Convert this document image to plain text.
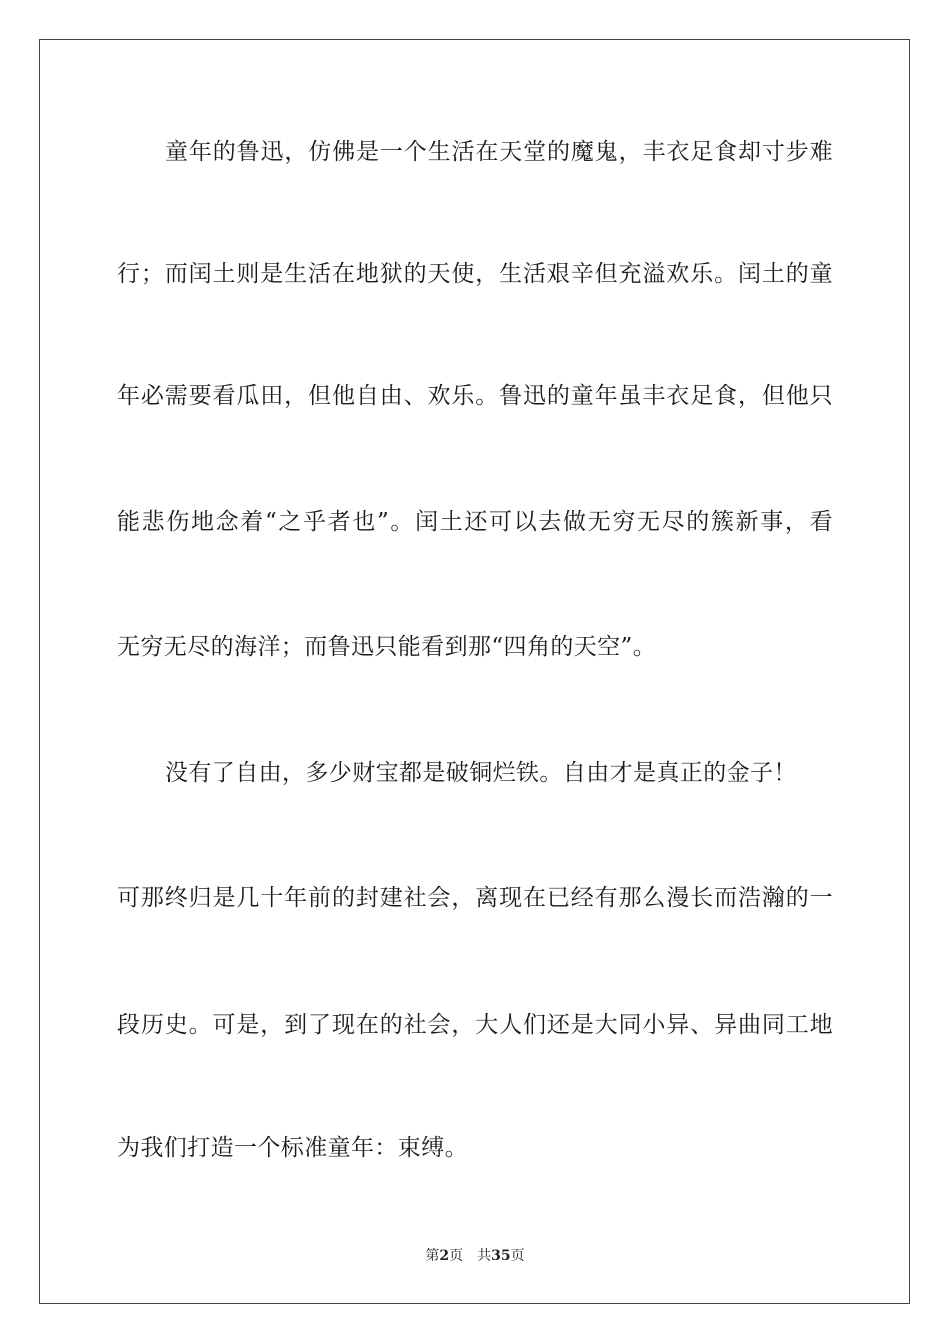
童年的鲁迅，仿佛是一个生活在天堂的魔鬼，丰衣足食却寸步难
行；而闰土则是生活在地狱的天使，生活艰辛但充溢欢乐。闰土的童
年必需要看瓜田，但他自由、欢乐。鲁迅的童年虽丰衣足食，但他只
能悲伤地念着“之乎者也”。闰土还可以去做无穷无尽的簇新事，看
无穷无尽的海洋；而鲁迅只能看到那“四角的天空”。
没有了自由，多少财宝都是破铜烂铁。自由才是真正的金子！
可那终归是几十年前的封建社会，离现在已经有那么漫长而浩瀚的一
段历史。可是，到了现在的社会，大人们还是大同小异、异曲同工地
为我们打造一个标准童年：束缚。
第2页 共35页
